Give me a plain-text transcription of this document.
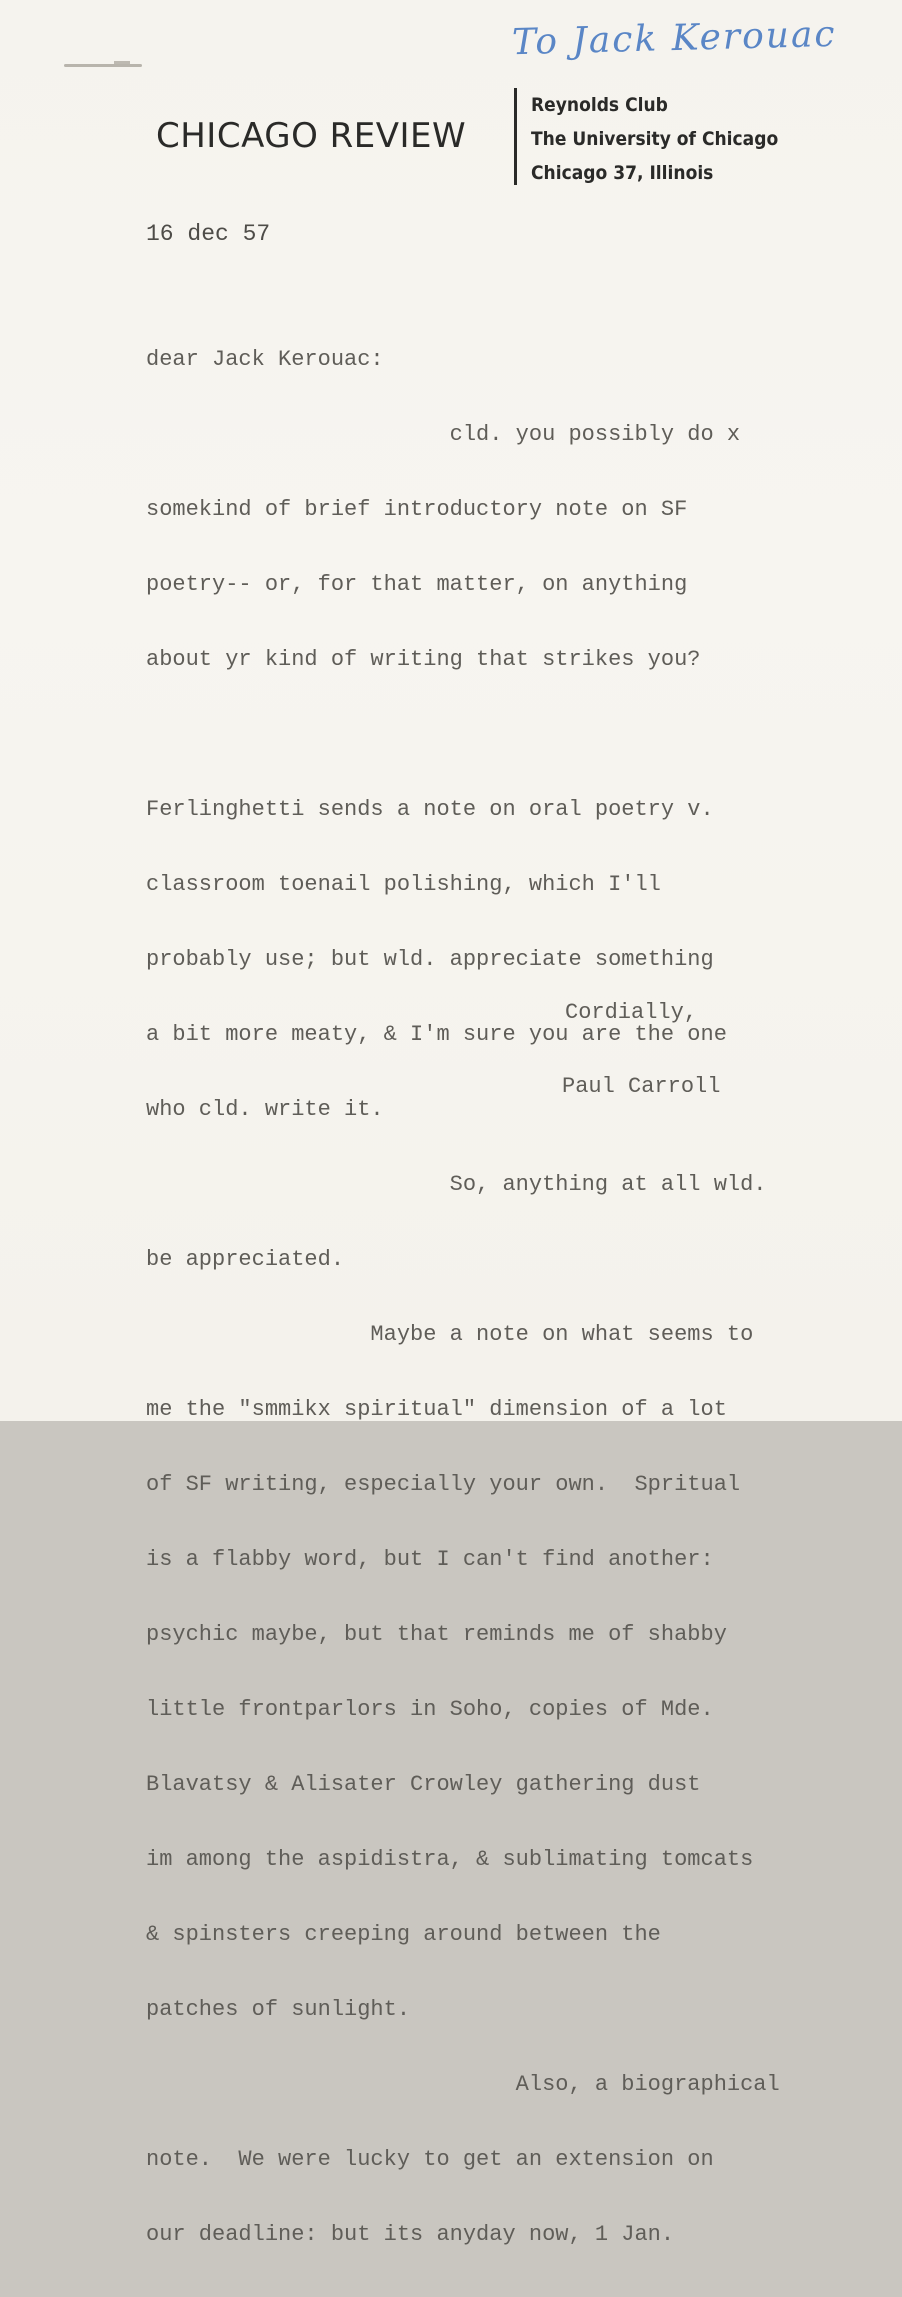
To Jack Kerouac
CHICAGO REVIEW
Reynolds Club
The University of Chicago
Chicago 37, Illinois
16 dec 57

dear Jack Kerouac:

cld. you possibly do x

somekind of brief introductory note on SF

poetry-- or, for that matter, on anything

about yr kind of writing that strikes you?

Ferlinghetti sends a note on oral poetry v.

classroom toenail polishing, which I'll

probably use; but wld. appreciate something

a bit more meaty, & I'm sure you are the one

who cld. write it.

So, anything at all wld.

be appreciated.

Maybe a note on what seems to

me the "smmikx spiritual" dimension of a lot

of SF writing, especially your own.  Spritual

is a flabby word, but I can't find another:

psychic maybe, but that reminds me of shabby

little frontparlors in Soho, copies of Mde.

Blavatsy & Alisater Crowley gathering dust

im among the aspidistra, & sublimating tomcats

& spinsters creeping around between the

patches of sunlight.

Also, a biographical

note.  We were lucky to get an extension on

our deadline: but its anyday now, 1 Jan.

Cordially,
Paul Carroll
